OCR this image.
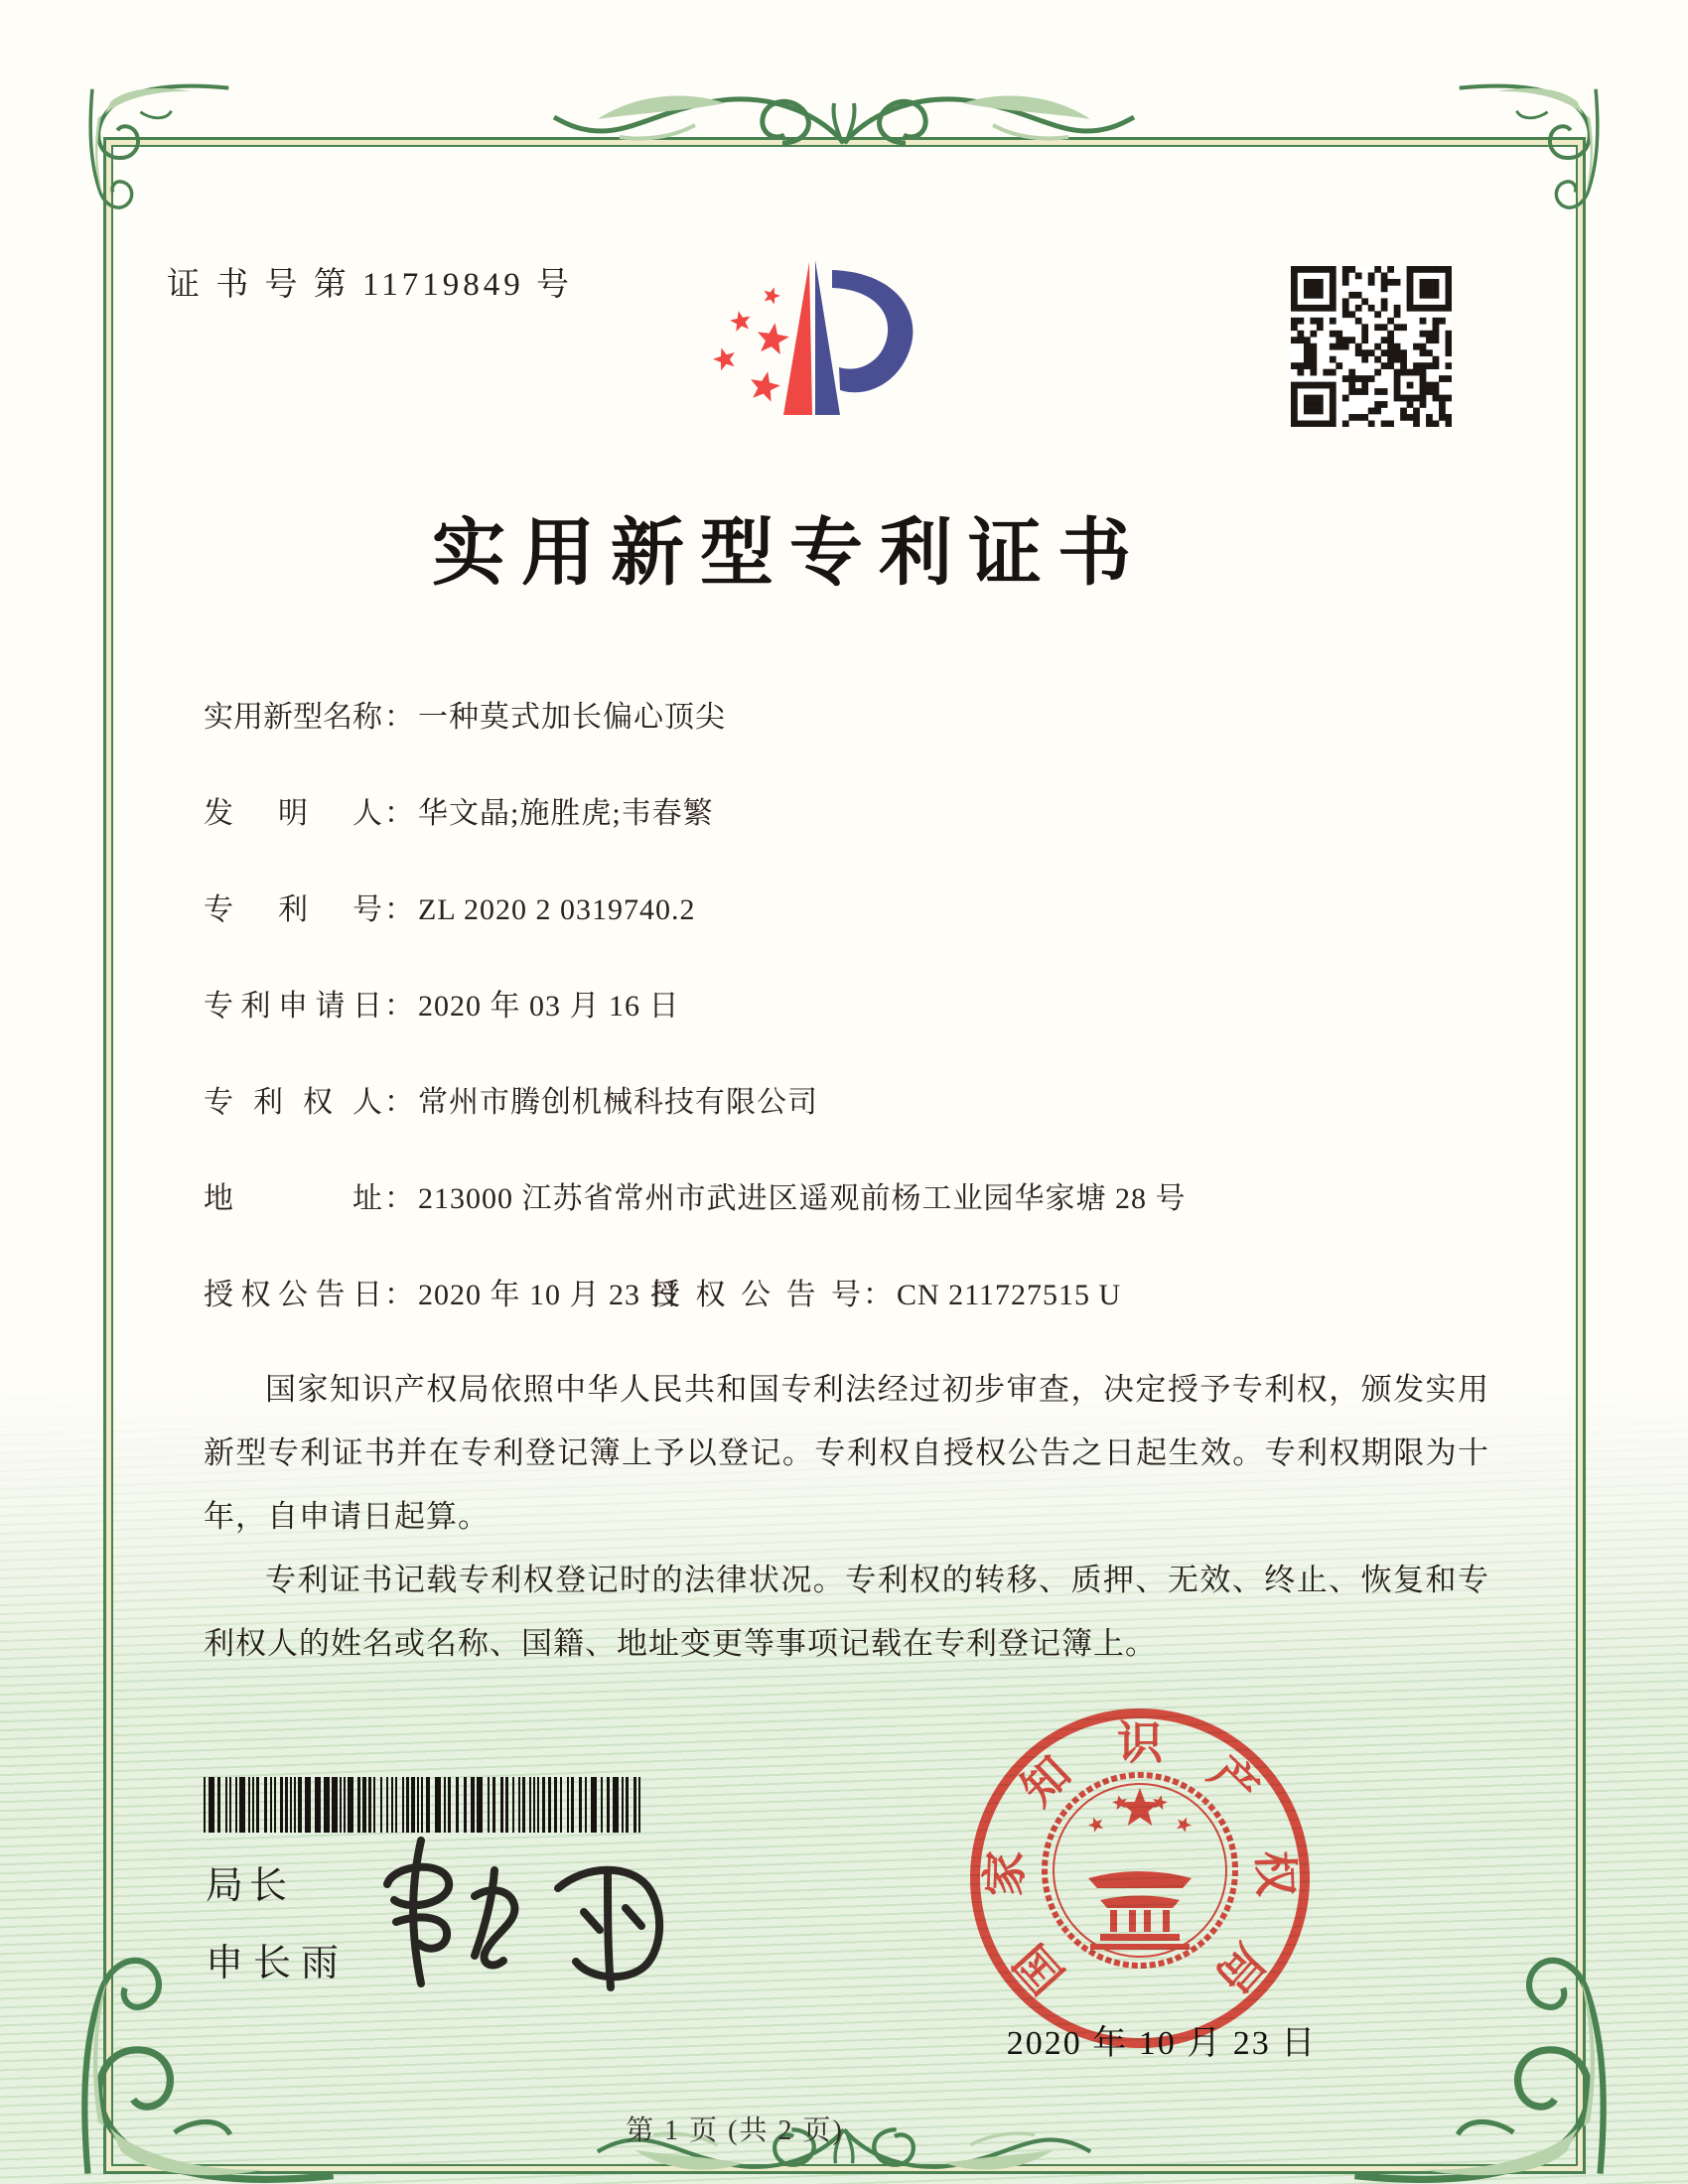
证 书 号 第 11719849 号
实用新型专利证书
实用新型名称： 一种莫式加长偏心顶尖
发明人： 华文晶;施胜虎;韦春繁
专利号： ZL 2020 2 0319740.2
专利申请日： 2020 年 03 月 16 日
专利权人： 常州市腾创机械科技有限公司
地址： 213000 江苏省常州市武进区遥观前杨工业园华家塘 28 号
授权公告日： 2020 年 10 月 23 日
授权公告号： CN 211727515 U

国家知识产权局依照中华人民共和国专利法经过初步审查，决定授予专利权，颁发实用新型专利证书并在专利登记簿上予以登记。专利权自授权公告之日起生效。专利权期限为十年，自申请日起算。

专利证书记载专利权登记时的法律状况。专利权的转移、质押、无效、终止、恢复和专利权人的姓名或名称、国籍、地址变更等事项记载在专利登记簿上。

局长
申长雨	国
家
知
识
产
权
局
2020 年 10 月 23 日
第 1 页 (共 2 页)
